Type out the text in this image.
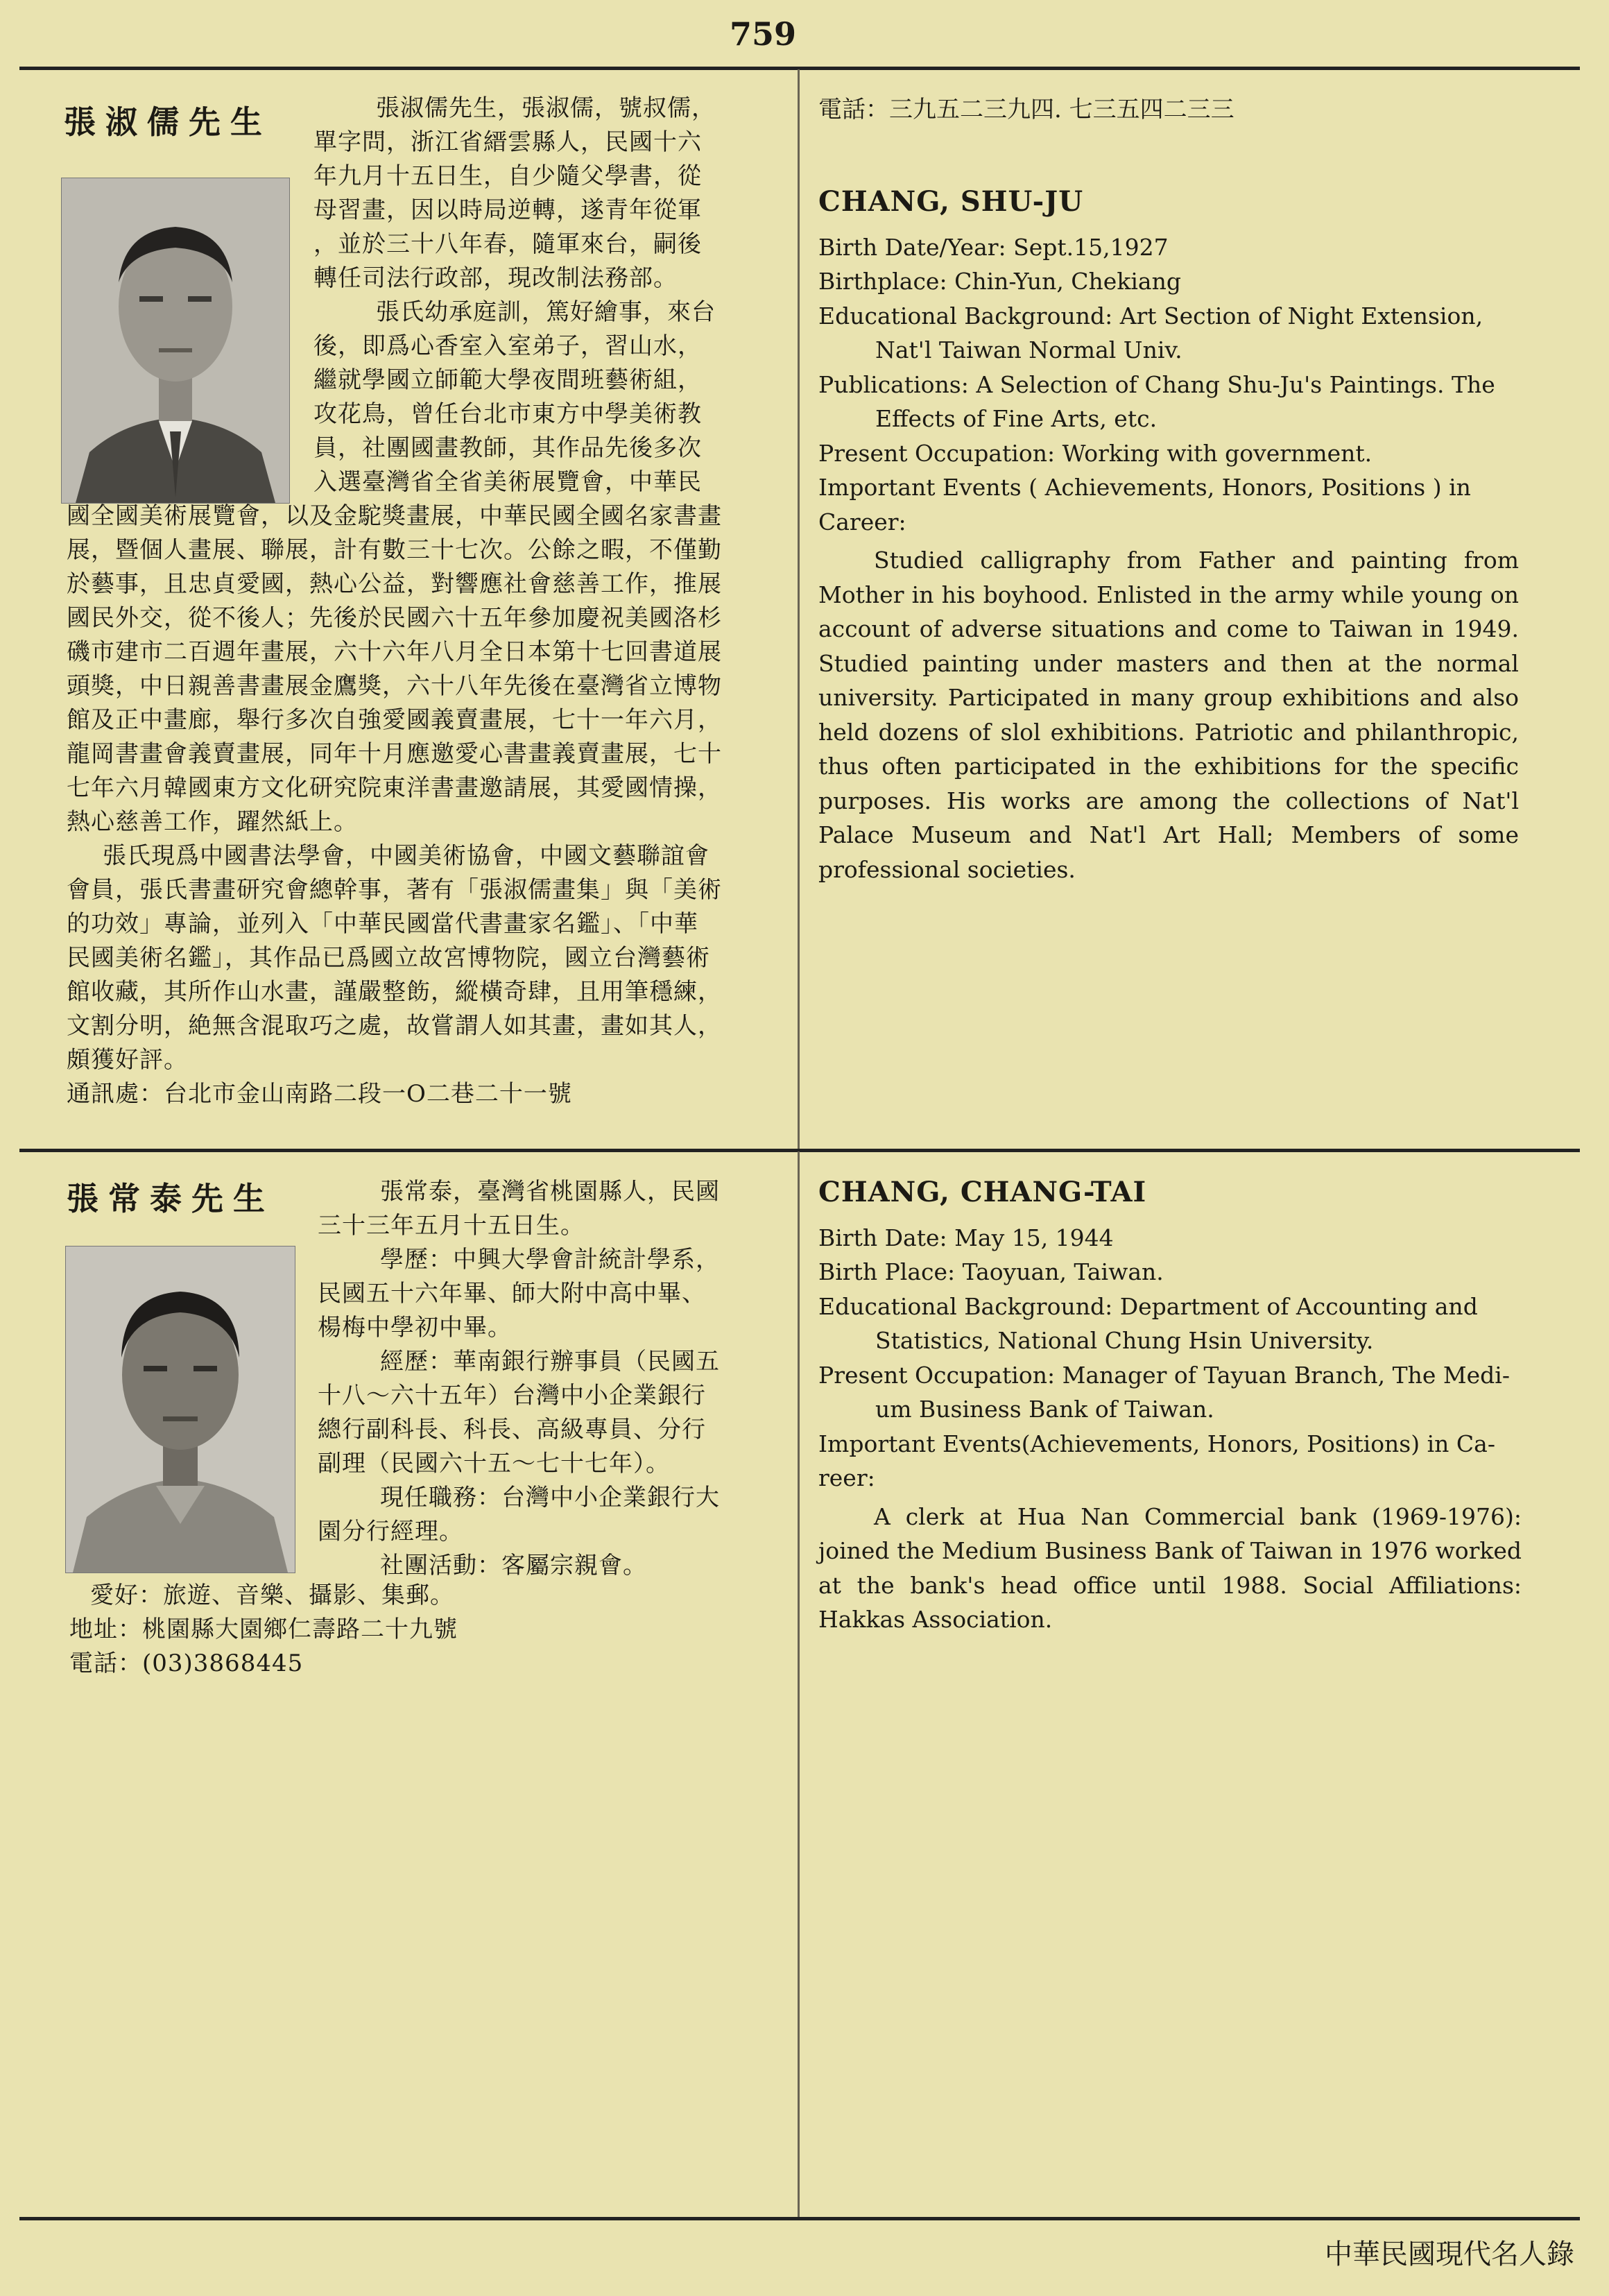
759
張淑儒先生	張淑儒先生，張淑儒，號叔儒，
單字問，浙江省縉雲縣人，民國十六
年九月十五日生，自少隨父學書，從
母習畫，因以時局逆轉，遂青年從軍
，並於三十八年春，隨軍來台，嗣後
轉任司法行政部，現改制法務部。
張氏幼承庭訓，篤好繪事，來台
後，即爲心香室入室弟子，習山水，
繼就學國立師範大學夜間班藝術組，
攻花鳥，曾任台北市東方中學美術教
員，社團國畫教師，其作品先後多次
入選臺灣省全省美術展覽會，中華民
國全國美術展覽會，以及金駝獎畫展，中華民國全國名家書畫
展，暨個人畫展、聯展，計有數三十七次。公餘之暇，不僅勤
於藝事，且忠貞愛國，熱心公益，對響應社會慈善工作，推展
國民外交，從不後人；先後於民國六十五年參加慶祝美國洛杉
磯市建市二百週年畫展，六十六年八月全日本第十七回書道展
頭獎，中日親善書畫展金鷹獎，六十八年先後在臺灣省立博物
館及正中畫廊，舉行多次自強愛國義賣畫展，七十一年六月，
龍岡書畫會義賣畫展，同年十月應邀愛心書畫義賣畫展，七十
七年六月韓國東方文化研究院東洋書畫邀請展，其愛國情操，
熱心慈善工作，躍然紙上。
張氏現爲中國書法學會，中國美術協會，中國文藝聯誼會
會員，張氏書畫研究會總幹事，著有「張淑儒畫集」與「美術
的功效」專論，並列入「中華民國當代書畫家名鑑」、「中華
民國美術名鑑」，其作品已爲國立故宮博物院，國立台灣藝術
館收藏，其所作山水畫，謹嚴整飭，縱橫奇肆，且用筆穩練，
文割分明，絶無含混取巧之處，故嘗謂人如其畫，畫如其人，
頗獲好評。
通訊處：台北市金山南路二段一O二巷二十一號
電話：三九五二三九四. 七三五四二三三
CHANG, SHU-JU
Birth Date/Year: Sept.15,1927
Birthplace: Chin-Yun, Chekiang
Educational Background: Art Section of Night Extension,
Nat'l Taiwan Normal Univ.
Publications: A Selection of Chang Shu-Ju's Paintings. The
Effects of Fine Arts, etc.
Present Occupation: Working with government.
Important Events ( Achievements, Honors, Positions ) in
Career:

Studied calligraphy from Father and painting from Mother in his boyhood. Enlisted in the army while young on account of adverse situations and come to Taiwan in 1949. Studied painting under masters and then at the normal university. Participated in many group exhibitions and also held dozens of slol exhibitions. Patriotic and philanthropic, thus often participated in the exhibitions for the specific purposes. His works are among the collections of Nat'l Palace Museum and Nat'l Art Hall; Members of some professional societies.

張常泰先生	張常泰，臺灣省桃園縣人，民國
三十三年五月十五日生。
學歷：中興大學會計統計學系，
民國五十六年畢、師大附中高中畢、
楊梅中學初中畢。
經歷：華南銀行辦事員（民國五
十八～六十五年）台灣中小企業銀行
總行副科長、科長、高級專員、分行
副理（民國六十五～七十七年）。
現任職務：台灣中小企業銀行大
園分行經理。
社團活動：客屬宗親會。
愛好：旅遊、音樂、攝影、集郵。
地址：桃園縣大園鄉仁壽路二十九號
電話：(03)3868445
CHANG, CHANG-TAI
Birth Date: May 15, 1944
Birth Place: Taoyuan, Taiwan.
Educational Background: Department of Accounting and
Statistics, National Chung Hsin University.
Present Occupation: Manager of Tayuan Branch, The Medi-
um Business Bank of Taiwan.
Important Events(Achievements, Honors, Positions) in Ca-
reer:

A clerk at Hua Nan Commercial bank (1969-1976): joined the Medium Business Bank of Taiwan in 1976 worked at the bank's head office until 1988. Social Affiliations: Hakkas Association.

中華民國現代名人錄
